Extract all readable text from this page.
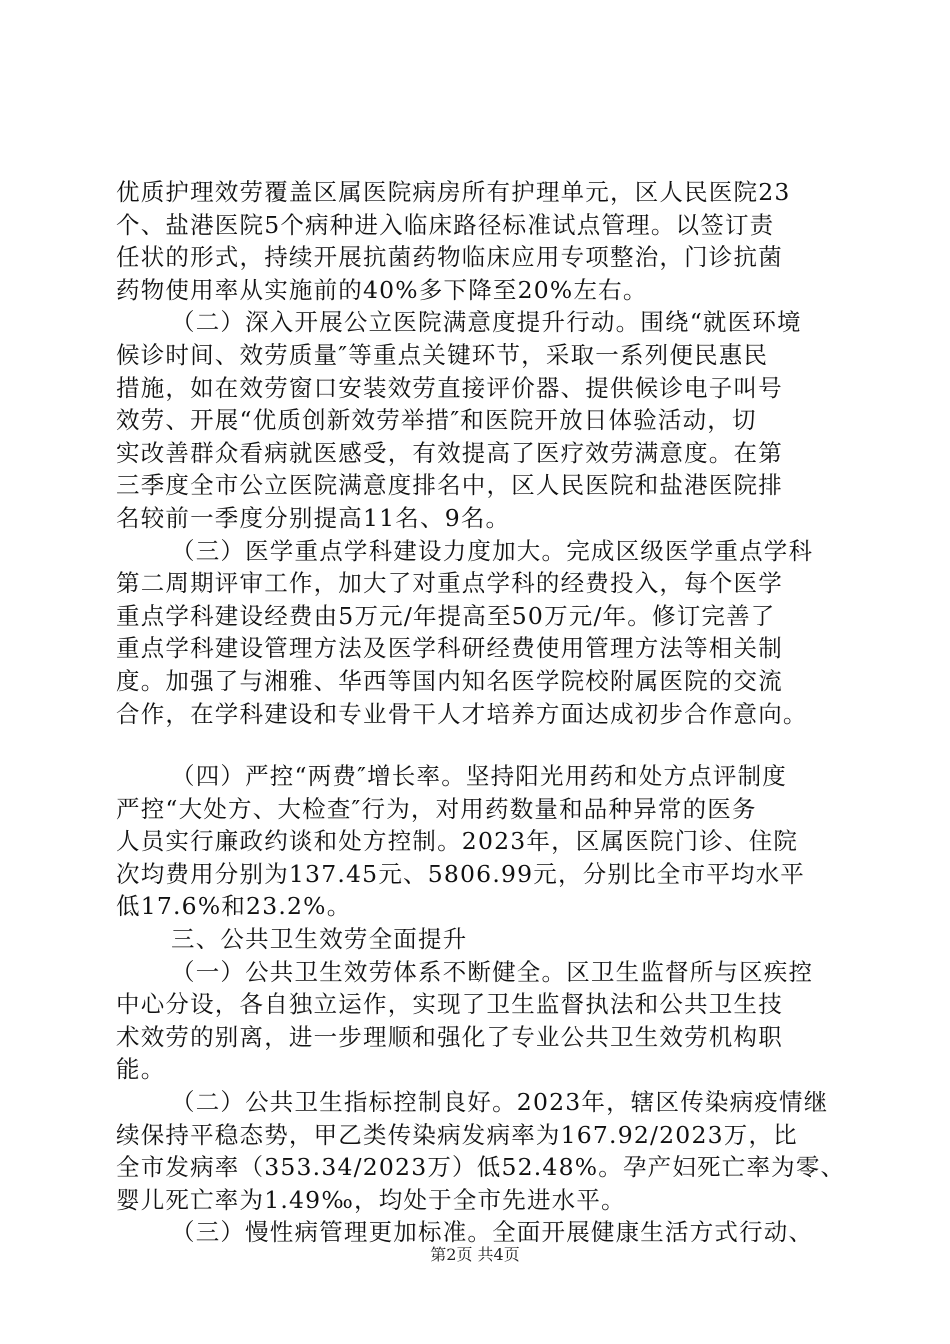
优质护理效劳覆盖区属医院病房所有护理单元，区人民医院23
个、盐港医院5个病种进入临床路径标准试点管理。以签订责
任状的形式，持续开展抗菌药物临床应用专项整治，门诊抗菌
药物使用率从实施前的40%多下降至20%左右。
（二）深入开展公立医院满意度提升行动。围绕“就医环境
候诊时间、效劳质量″等重点关键环节，采取一系列便民惠民
措施，如在效劳窗口安装效劳直接评价器、提供候诊电子叫号
效劳、开展“优质创新效劳举措″和医院开放日体验活动，切
实改善群众看病就医感受，有效提高了医疗效劳满意度。在第
三季度全市公立医院满意度排名中，区人民医院和盐港医院排
名较前一季度分别提高11名、9名。
（三）医学重点学科建设力度加大。完成区级医学重点学科
第二周期评审工作，加大了对重点学科的经费投入，每个医学
重点学科建设经费由5万元/年提高至50万元/年。修订完善了
重点学科建设管理方法及医学科研经费使用管理方法等相关制
度。加强了与湘雅、华西等国内知名医学院校附属医院的交流
合作，在学科建设和专业骨干人才培养方面达成初步合作意向。
（四）严控“两费″增长率。坚持阳光用药和处方点评制度
严控“大处方、大检查″行为，对用药数量和品种异常的医务
人员实行廉政约谈和处方控制。2023年，区属医院门诊、住院
次均费用分别为137.45元、5806.99元，分别比全市平均水平
低17.6%和23.2%。
三、公共卫生效劳全面提升
（一）公共卫生效劳体系不断健全。区卫生监督所与区疾控
中心分设，各自独立运作，实现了卫生监督执法和公共卫生技
术效劳的别离，进一步理顺和强化了专业公共卫生效劳机构职
能。
（二）公共卫生指标控制良好。2023年，辖区传染病疫情继
续保持平稳态势，甲乙类传染病发病率为167.92/2023万，比
全市发病率（353.34/2023万）低52.48%。孕产妇死亡率为零、
婴儿死亡率为1.49‰，均处于全市先进水平。
（三）慢性病管理更加标准。全面开展健康生活方式行动、
第2页 共4页
